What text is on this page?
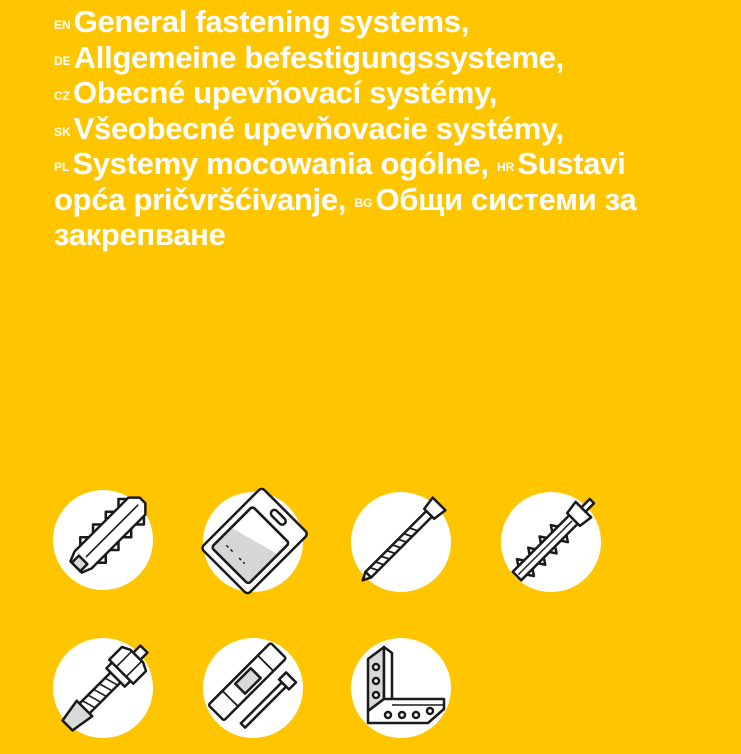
$^{EN}$General fastening systems, $^{DE}$Allgemeine befestigungssysteme, $^{CZ}$Obecné upevňovací systémy, $^{SK}$Všeobecné upevňovacie systémy, $^{PL}$Systemy mocowania ogólne, $^{HR}$Sustavi opća pričvršćivanje, $^{BG}$Общи системи за закрепване
